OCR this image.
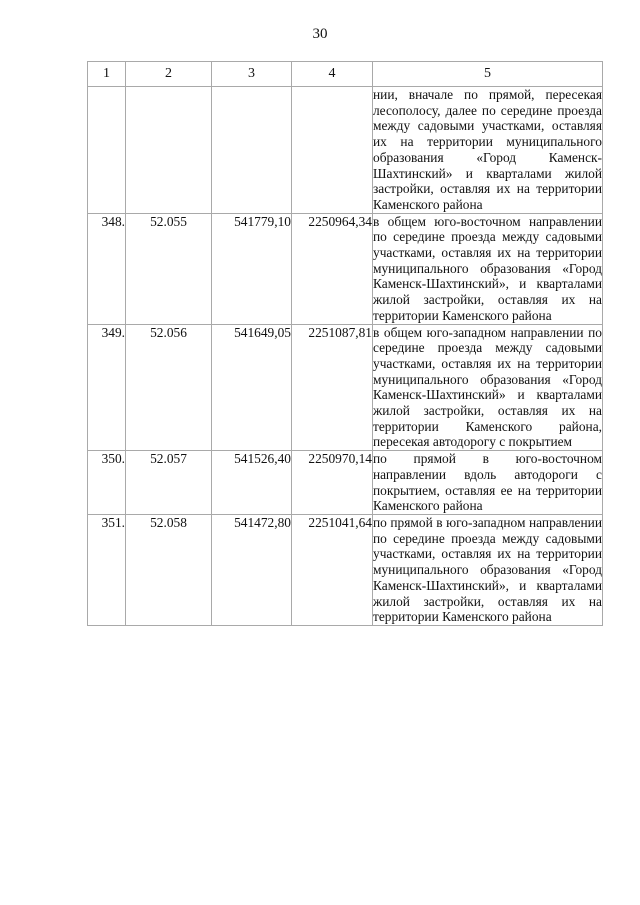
30
1	2	3	4	5
				нии, вначале по прямой, пересекая лесополосу, далее по середине проезда между садовыми участками, оставляя их на территории муниципального образования «Город Каменск-Шахтинский» и кварталами жилой застройки, оставляя их на территории Каменского района
348.	52.055	541779,10	2250964,34	в общем юго-восточном направлении по середине проезда между садовыми участками, оставляя их на территории муниципального образования «Город Каменск-Шахтинский», и кварталами жилой застройки, оставляя их на территории Каменского района
349.	52.056	541649,05	2251087,81	в общем юго-западном направлении по середине проезда между садовыми участками, оставляя их на территории муниципального образования «Город Каменск-Шахтинский» и кварталами жилой застройки, оставляя их на территории Каменского района, пересекая автодорогу с покрытием
350.	52.057	541526,40	2250970,14	по прямой в юго-восточном направлении вдоль автодороги с покрытием, оставляя ее на территории Каменского района
351.	52.058	541472,80	2251041,64	по прямой в юго-западном направлении по середине проезда между садовыми участками, оставляя их на территории муниципального образования «Город Каменск-Шахтинский», и кварталами жилой застройки, оставляя их на территории Каменского района
